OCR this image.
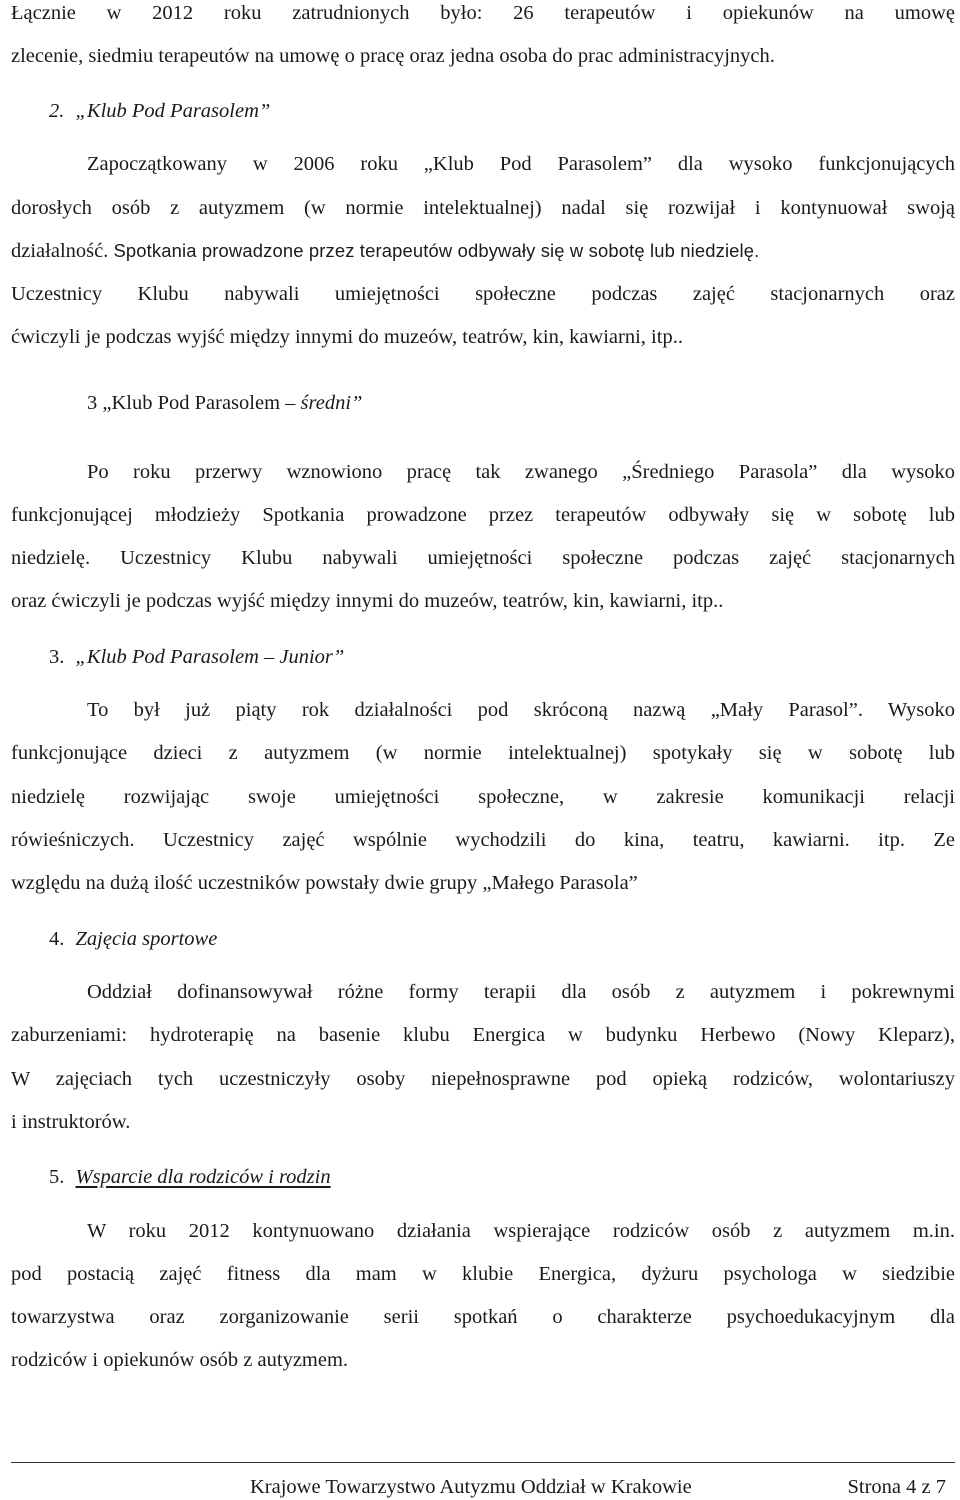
Łącznie w 2012 roku zatrudnionych było: 26 terapeutów i opiekunów na umowę
zlecenie, siedmiu terapeutów na umowę o pracę oraz jedna osoba do prac administracyjnych.
2. „Klub Pod Parasolem”
Zapoczątkowany w 2006 roku „Klub Pod Parasolem” dla wysoko funkcjonujących
dorosłych osób z autyzmem (w normie intelektualnej) nadal się rozwijał i kontynuował swoją
działalność. Spotkania prowadzone przez terapeutów odbywały się w sobotę lub niedzielę.
Uczestnicy Klubu nabywali umiejętności społeczne podczas zajęć stacjonarnych oraz
ćwiczyli je podczas wyjść między innymi do muzeów, teatrów, kin, kawiarni, itp..
3 „Klub Pod Parasolem – średni”
Po roku przerwy wznowiono pracę tak zwanego „Średniego Parasola” dla wysoko
funkcjonującej młodzieży Spotkania prowadzone przez terapeutów odbywały się w sobotę lub
niedzielę. Uczestnicy Klubu nabywali umiejętności społeczne podczas zajęć stacjonarnych
oraz ćwiczyli je podczas wyjść między innymi do muzeów, teatrów, kin, kawiarni, itp..
3. „Klub Pod Parasolem – Junior”
To był już piąty rok działalności pod skróconą nazwą „Mały Parasol”. Wysoko
funkcjonujące dzieci z autyzmem (w normie intelektualnej) spotykały się w sobotę lub
niedzielę rozwijając swoje umiejętności społeczne, w zakresie komunikacji relacji
rówieśniczych. Uczestnicy zajęć wspólnie wychodzili do kina, teatru, kawiarni. itp. Ze
względu na dużą ilość uczestników powstały dwie grupy „Małego Parasola”
4. Zajęcia sportowe
Oddział dofinansowywał różne formy terapii dla osób z autyzmem i pokrewnymi
zaburzeniami: hydroterapię na basenie klubu Energica w budynku Herbewo (Nowy Kleparz),
W zajęciach tych uczestniczyły osoby niepełnosprawne pod opieką rodziców, wolontariuszy
i instruktorów.
5. Wsparcie dla rodziców i rodzin
W roku 2012 kontynuowano działania wspierające rodziców osób z autyzmem m.in.
pod postacią zajęć fitness dla mam w klubie Energica, dyżuru psychologa w siedzibie
towarzystwa oraz zorganizowanie serii spotkań o charakterze psychoedukacyjnym dla
rodziców i opiekunów osób z autyzmem.
Krajowe Towarzystwo Autyzmu Oddział w Krakowie	Strona 4 z 7
